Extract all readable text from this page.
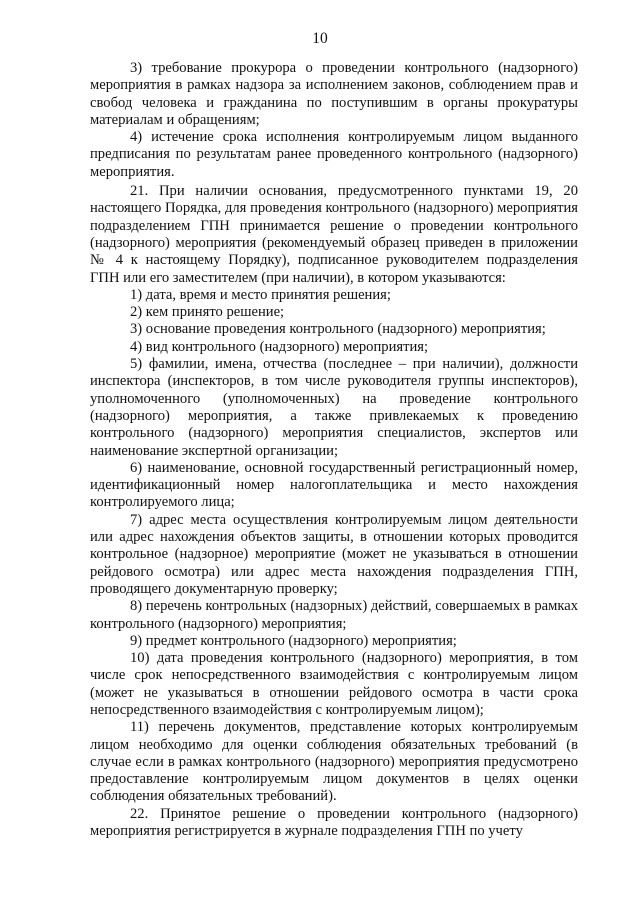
10

3) требование прокурора о проведении контрольного (надзорного) мероприятия в рамках надзора за исполнением законов, соблюдением прав и свобод человека и гражданина по поступившим в органы прокуратуры материалам и обращениям;

4) истечение срока исполнения контролируемым лицом выданного предписания по результатам ранее проведенного контрольного (надзорного) мероприятия.

21. При наличии основания, предусмотренного пунктами 19, 20 настоящего Порядка, для проведения контрольного (надзорного) мероприятия подразделением ГПН принимается решение о проведении контрольного (надзорного) мероприятия (рекомендуемый образец приведен в приложении № 4 к настоящему Порядку), подписанное руководителем подразделения ГПН или его заместителем (при наличии), в котором указываются:

1) дата, время и место принятия решения;

2) кем принято решение;

3) основание проведения контрольного (надзорного) мероприятия;

4) вид контрольного (надзорного) мероприятия;

5) фамилии, имена, отчества (последнее – при наличии), должности инспектора (инспекторов, в том числе руководителя группы инспекторов), уполномоченного (уполномоченных) на проведение контрольного (надзорного) мероприятия, а также привлекаемых к проведению контрольного (надзорного) мероприятия специалистов, экспертов или наименование экспертной организации;

6) наименование, основной государственный регистрационный номер, идентификационный номер налогоплательщика и место нахождения контролируемого лица;

7) адрес места осуществления контролируемым лицом деятельности или адрес нахождения объектов защиты, в отношении которых проводится контрольное (надзорное) мероприятие (может не указываться в отношении рейдового осмотра) или адрес места нахождения подразделения ГПН, проводящего документарную проверку;

8) перечень контрольных (надзорных) действий, совершаемых в рамках контрольного (надзорного) мероприятия;

9) предмет контрольного (надзорного) мероприятия;

10) дата проведения контрольного (надзорного) мероприятия, в том числе срок непосредственного взаимодействия с контролируемым лицом (может не указываться в отношении рейдового осмотра в части срока непосредственного взаимодействия с контролируемым лицом);

11) перечень документов, представление которых контролируемым лицом необходимо для оценки соблюдения обязательных требований (в случае если в рамках контрольного (надзорного) мероприятия предусмотрено предоставление контролируемым лицом документов в целях оценки соблюдения обязательных требований).

22. Принятое решение о проведении контрольного (надзорного) мероприятия регистрируется в журнале подразделения ГПН по учету
